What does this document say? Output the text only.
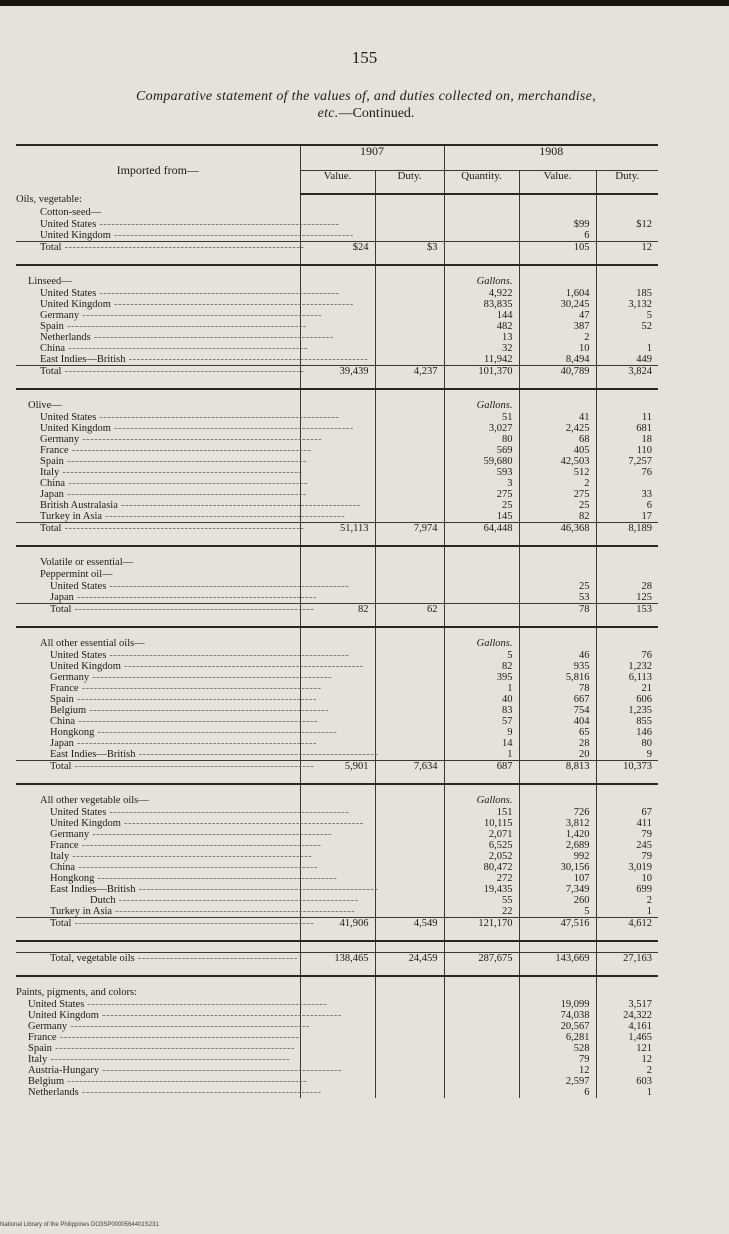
155
Comparative statement of the values of, and duties collected on, merchandise,
etc.—Continued.
Imported from—	1907		1908		
	Value.	Duty.	Quantity.	Value.	Duty.
Oils, vegetable:					
Cotton-seed—					
United States ------------------------------------------------------------				$99	$12
United Kingdom ------------------------------------------------------------				6	
Total ------------------------------------------------------------	$24	$3		105	12

Linseed—			Gallons.		
United States ------------------------------------------------------------			4,922	1,604	185
United Kingdom ------------------------------------------------------------			83,835	30,245	3,132
Germany ------------------------------------------------------------			144	47	5
Spain ------------------------------------------------------------			482	387	52
Netherlands ------------------------------------------------------------			13	2	
China ------------------------------------------------------------			32	10	1
East Indies—British ------------------------------------------------------------			11,942	8,494	449
Total ------------------------------------------------------------	39,439	4,237	101,370	40,789	3,824

Olive—			Gallons.		
United States ------------------------------------------------------------			51	41	11
United Kingdom ------------------------------------------------------------			3,027	2,425	681
Germany ------------------------------------------------------------			80	68	18
France ------------------------------------------------------------			569	405	110
Spain ------------------------------------------------------------			59,680	42,503	7,257
Italy ------------------------------------------------------------			593	512	76
China ------------------------------------------------------------			3	2	
Japan ------------------------------------------------------------			275	275	33
British Australasia ------------------------------------------------------------			25	25	6
Turkey in Asia ------------------------------------------------------------			145	82	17
Total ------------------------------------------------------------	51,113	7,974	64,448	46,368	8,189

Volatile or essential—					
Peppermint oil—					
United States ------------------------------------------------------------				25	28
Japan ------------------------------------------------------------				53	125
Total ------------------------------------------------------------	82	62		78	153

All other essential oils—			Gallons.		
United States ------------------------------------------------------------			5	46	76
United Kingdom ------------------------------------------------------------			82	935	1,232
Germany ------------------------------------------------------------			395	5,816	6,113
France ------------------------------------------------------------			1	78	21
Spain ------------------------------------------------------------			40	667	606
Belgium ------------------------------------------------------------			83	754	1,235
China ------------------------------------------------------------			57	404	855
Hongkong ------------------------------------------------------------			9	65	146
Japan ------------------------------------------------------------			14	28	80
East Indies—British ------------------------------------------------------------			1	20	9
Total ------------------------------------------------------------	5,901	7,634	687	8,813	10,373

All other vegetable oils—			Gallons.		
United States ------------------------------------------------------------			151	726	67
United Kingdom ------------------------------------------------------------			10,115	3,812	411
Germany ------------------------------------------------------------			2,071	1,420	79
France ------------------------------------------------------------			6,525	2,689	245
Italy ------------------------------------------------------------			2,052	992	79
China ------------------------------------------------------------			80,472	30,156	3,019
Hongkong ------------------------------------------------------------			272	107	10
East Indies—British ------------------------------------------------------------			19,435	7,349	699
Dutch ------------------------------------------------------------			55	260	2
Turkey in Asia ------------------------------------------------------------			22	5	1
Total ------------------------------------------------------------	41,906	4,549	121,170	47,516	4,612

Total, vegetable oils ----------------------------------------	138,465	24,459	287,675	143,669	27,163

Paints, pigments, and colors:					
United States ------------------------------------------------------------				19,099	3,517
United Kingdom ------------------------------------------------------------				74,038	24,322
Germany ------------------------------------------------------------				20,567	4,161
France ------------------------------------------------------------				6,281	1,465
Spain ------------------------------------------------------------				528	121
Italy ------------------------------------------------------------				79	12
Austria-Hungary ------------------------------------------------------------				12	2
Belgium ------------------------------------------------------------				2,597	603
Netherlands ------------------------------------------------------------				6	1
National Library of the Philippines DO3SP0000564401S231
